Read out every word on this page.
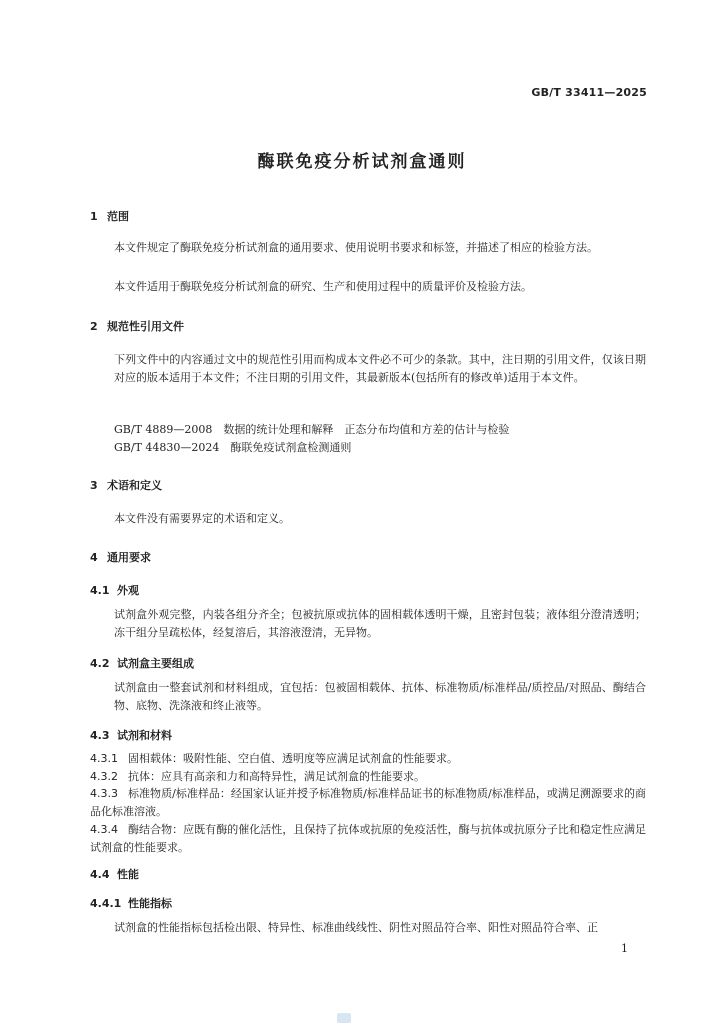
GB/T 33411—2025
酶联免疫分析试剂盒通则
1 范围
本文件规定了酶联免疫分析试剂盒的通用要求、使用说明书要求和标签，并描述了相应的检验方法。
本文件适用于酶联免疫分析试剂盒的研究、生产和使用过程中的质量评价及检验方法。
2 规范性引用文件
下列文件中的内容通过文中的规范性引用而构成本文件必不可少的条款。其中，注日期的引用文件，仅该日期对应的版本适用于本文件；不注日期的引用文件，其最新版本(包括所有的修改单)适用于本文件。
GB/T 4889—2008　数据的统计处理和解释　正态分布均值和方差的估计与检验
GB/T 44830—2024　酶联免疫试剂盒检测通则
3 术语和定义
本文件没有需要界定的术语和定义。
4 通用要求
4.1 外观
试剂盒外观完整，内装各组分齐全；包被抗原或抗体的固相载体透明干燥，且密封包装；液体组分澄清透明；冻干组分呈疏松体，经复溶后，其溶液澄清，无异物。
4.2 试剂盒主要组成
试剂盒由一整套试剂和材料组成，宜包括：包被固相载体、抗体、标准物质/标准样品/质控品/对照品、酶结合物、底物、洗涤液和终止液等。
4.3 试剂和材料
4.3.1 固相载体：吸附性能、空白值、透明度等应满足试剂盒的性能要求。
4.3.2 抗体：应具有高亲和力和高特异性，满足试剂盒的性能要求。
4.3.3 标准物质/标准样品：经国家认证并授予标准物质/标准样品证书的标准物质/标准样品，或满足溯源要求的商品化标准溶液。
4.3.4 酶结合物：应既有酶的催化活性，且保持了抗体或抗原的免疫活性，酶与抗体或抗原分子比和稳定性应满足试剂盒的性能要求。
4.4 性能
4.4.1 性能指标
试剂盒的性能指标包括检出限、特异性、标准曲线线性、阴性对照品符合率、阳性对照品符合率、正
1
